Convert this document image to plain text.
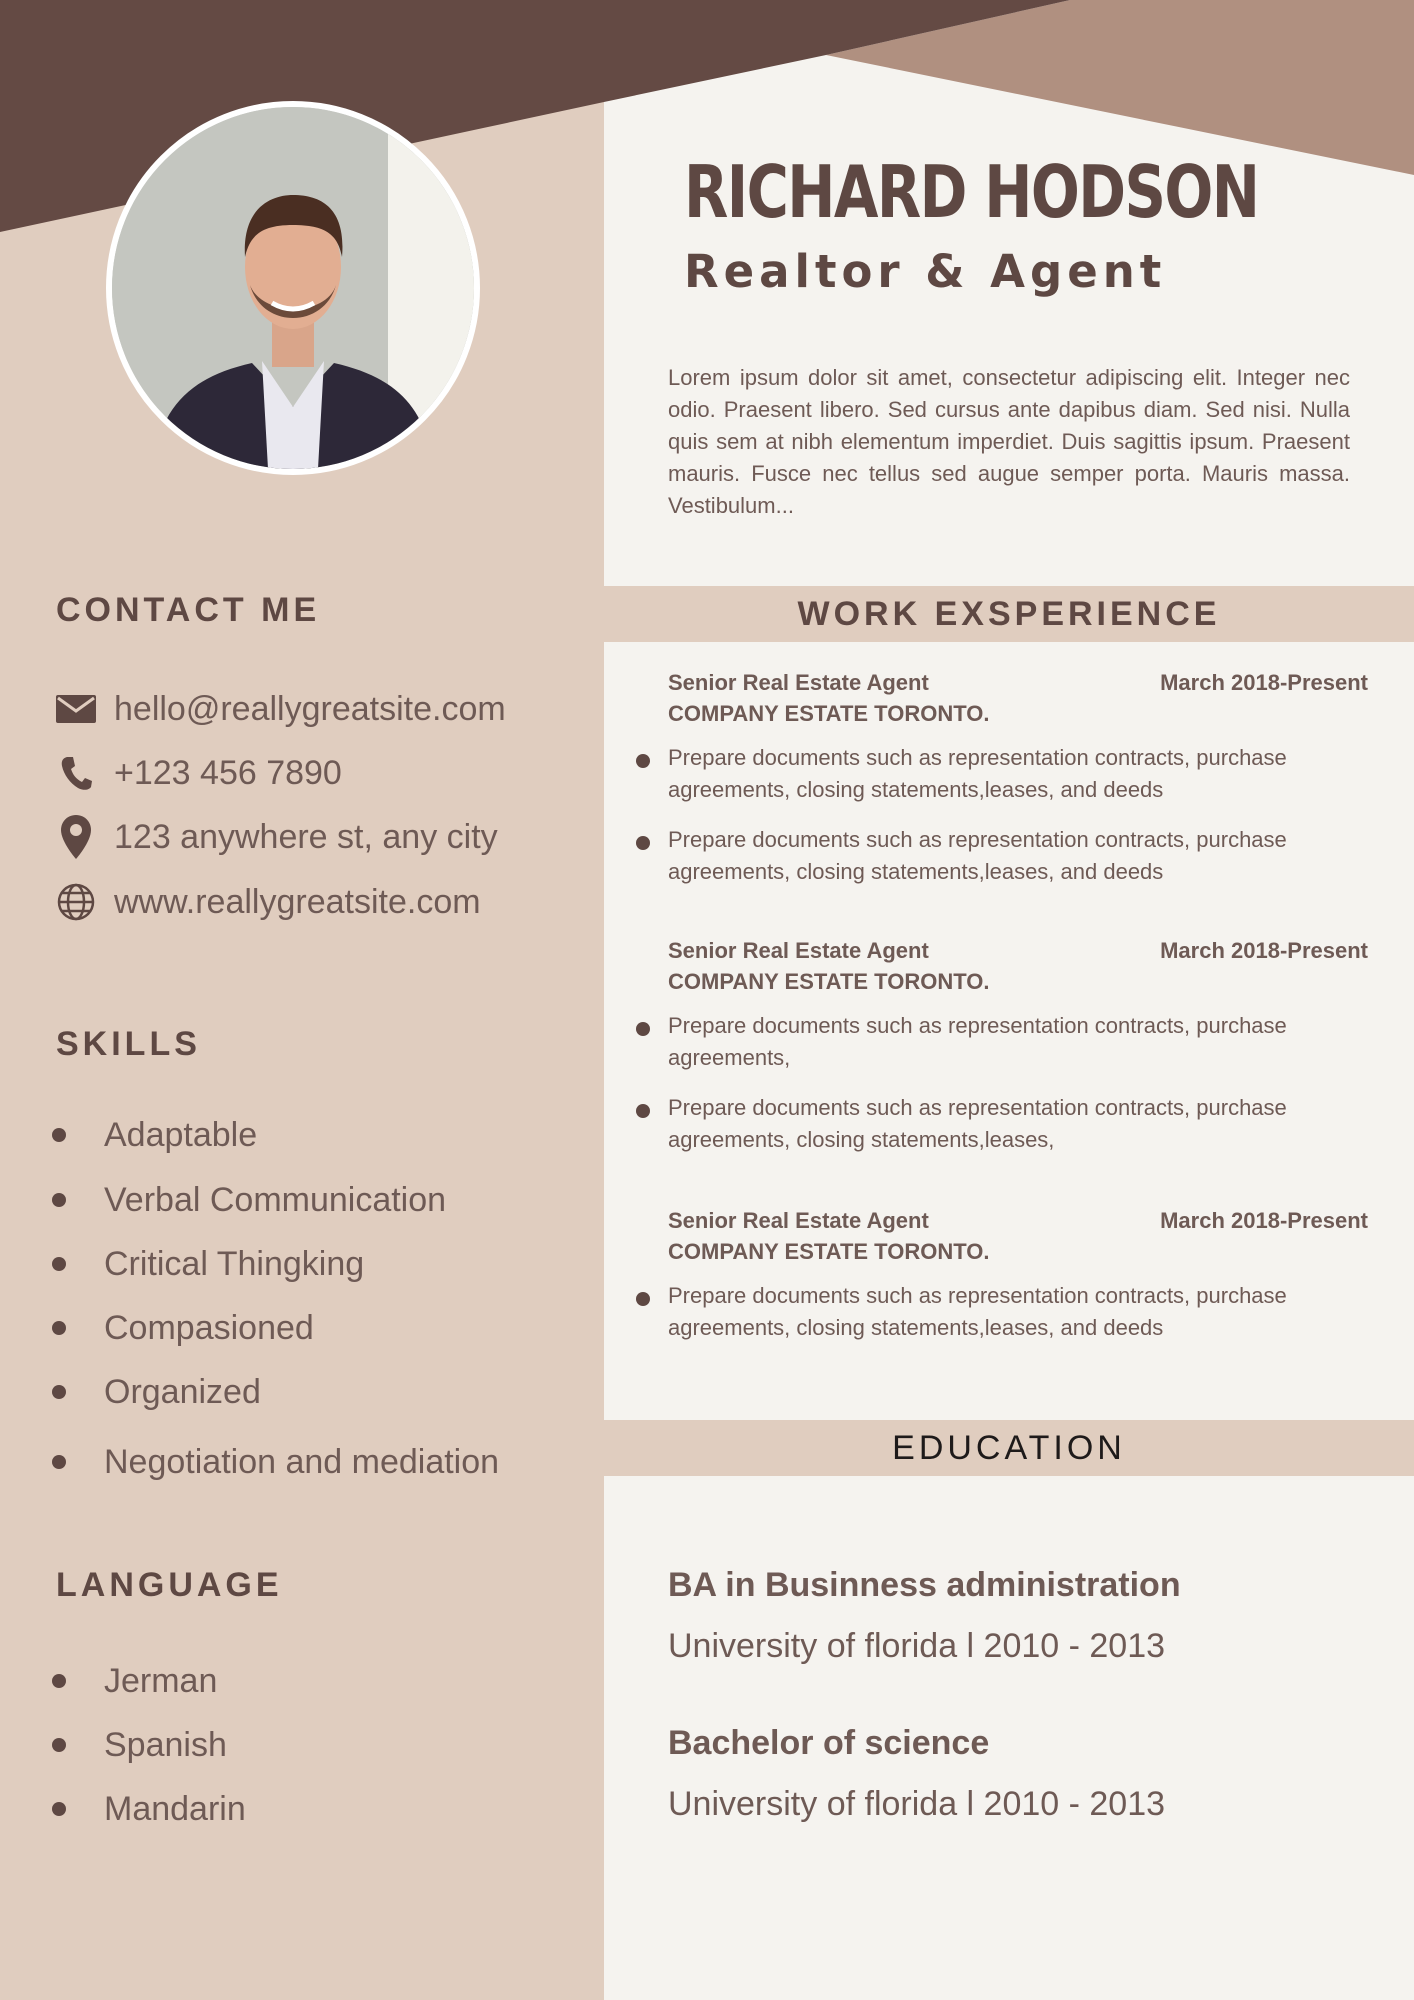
RICHARD HODSON
Realtor & Agent
Lorem ipsum dolor sit amet, consectetur adipiscing elit. Integer nec odio. Praesent libero. Sed cursus ante dapibus diam. Sed nisi. Nulla quis sem at nibh elementum imperdiet. Duis sagittis ipsum. Praesent mauris. Fusce nec tellus sed augue semper porta. Mauris massa. Vestibulum...
CONTACT ME
hello@reallygreatsite.com
+123 456 7890
123 anywhere st, any city
www.reallygreatsite.com
SKILLS
Adaptable
Verbal Communication
Critical Thingking
Compasioned
Organized
Negotiation and mediation
LANGUAGE
Jerman
Spanish
Mandarin
WORK EXSPERIENCE
Senior Real Estate Agent	March 2018-Present
COMPANY ESTATE TORONTO.
Prepare documents such as representation contracts, purchase agreements, closing statements,leases, and deeds
Prepare documents such as representation contracts, purchase agreements, closing statements,leases, and deeds
Senior Real Estate Agent	March 2018-Present
COMPANY ESTATE TORONTO.
Prepare documents such as representation contracts, purchase agreements,
Prepare documents such as representation contracts, purchase agreements, closing statements,leases,
Senior Real Estate Agent	March 2018-Present
COMPANY ESTATE TORONTO.
Prepare documents such as representation contracts, purchase agreements, closing statements,leases, and deeds
EDUCATION
BA in Businness administration
University of florida l 2010 - 2013
Bachelor of science
University of florida l 2010 - 2013
